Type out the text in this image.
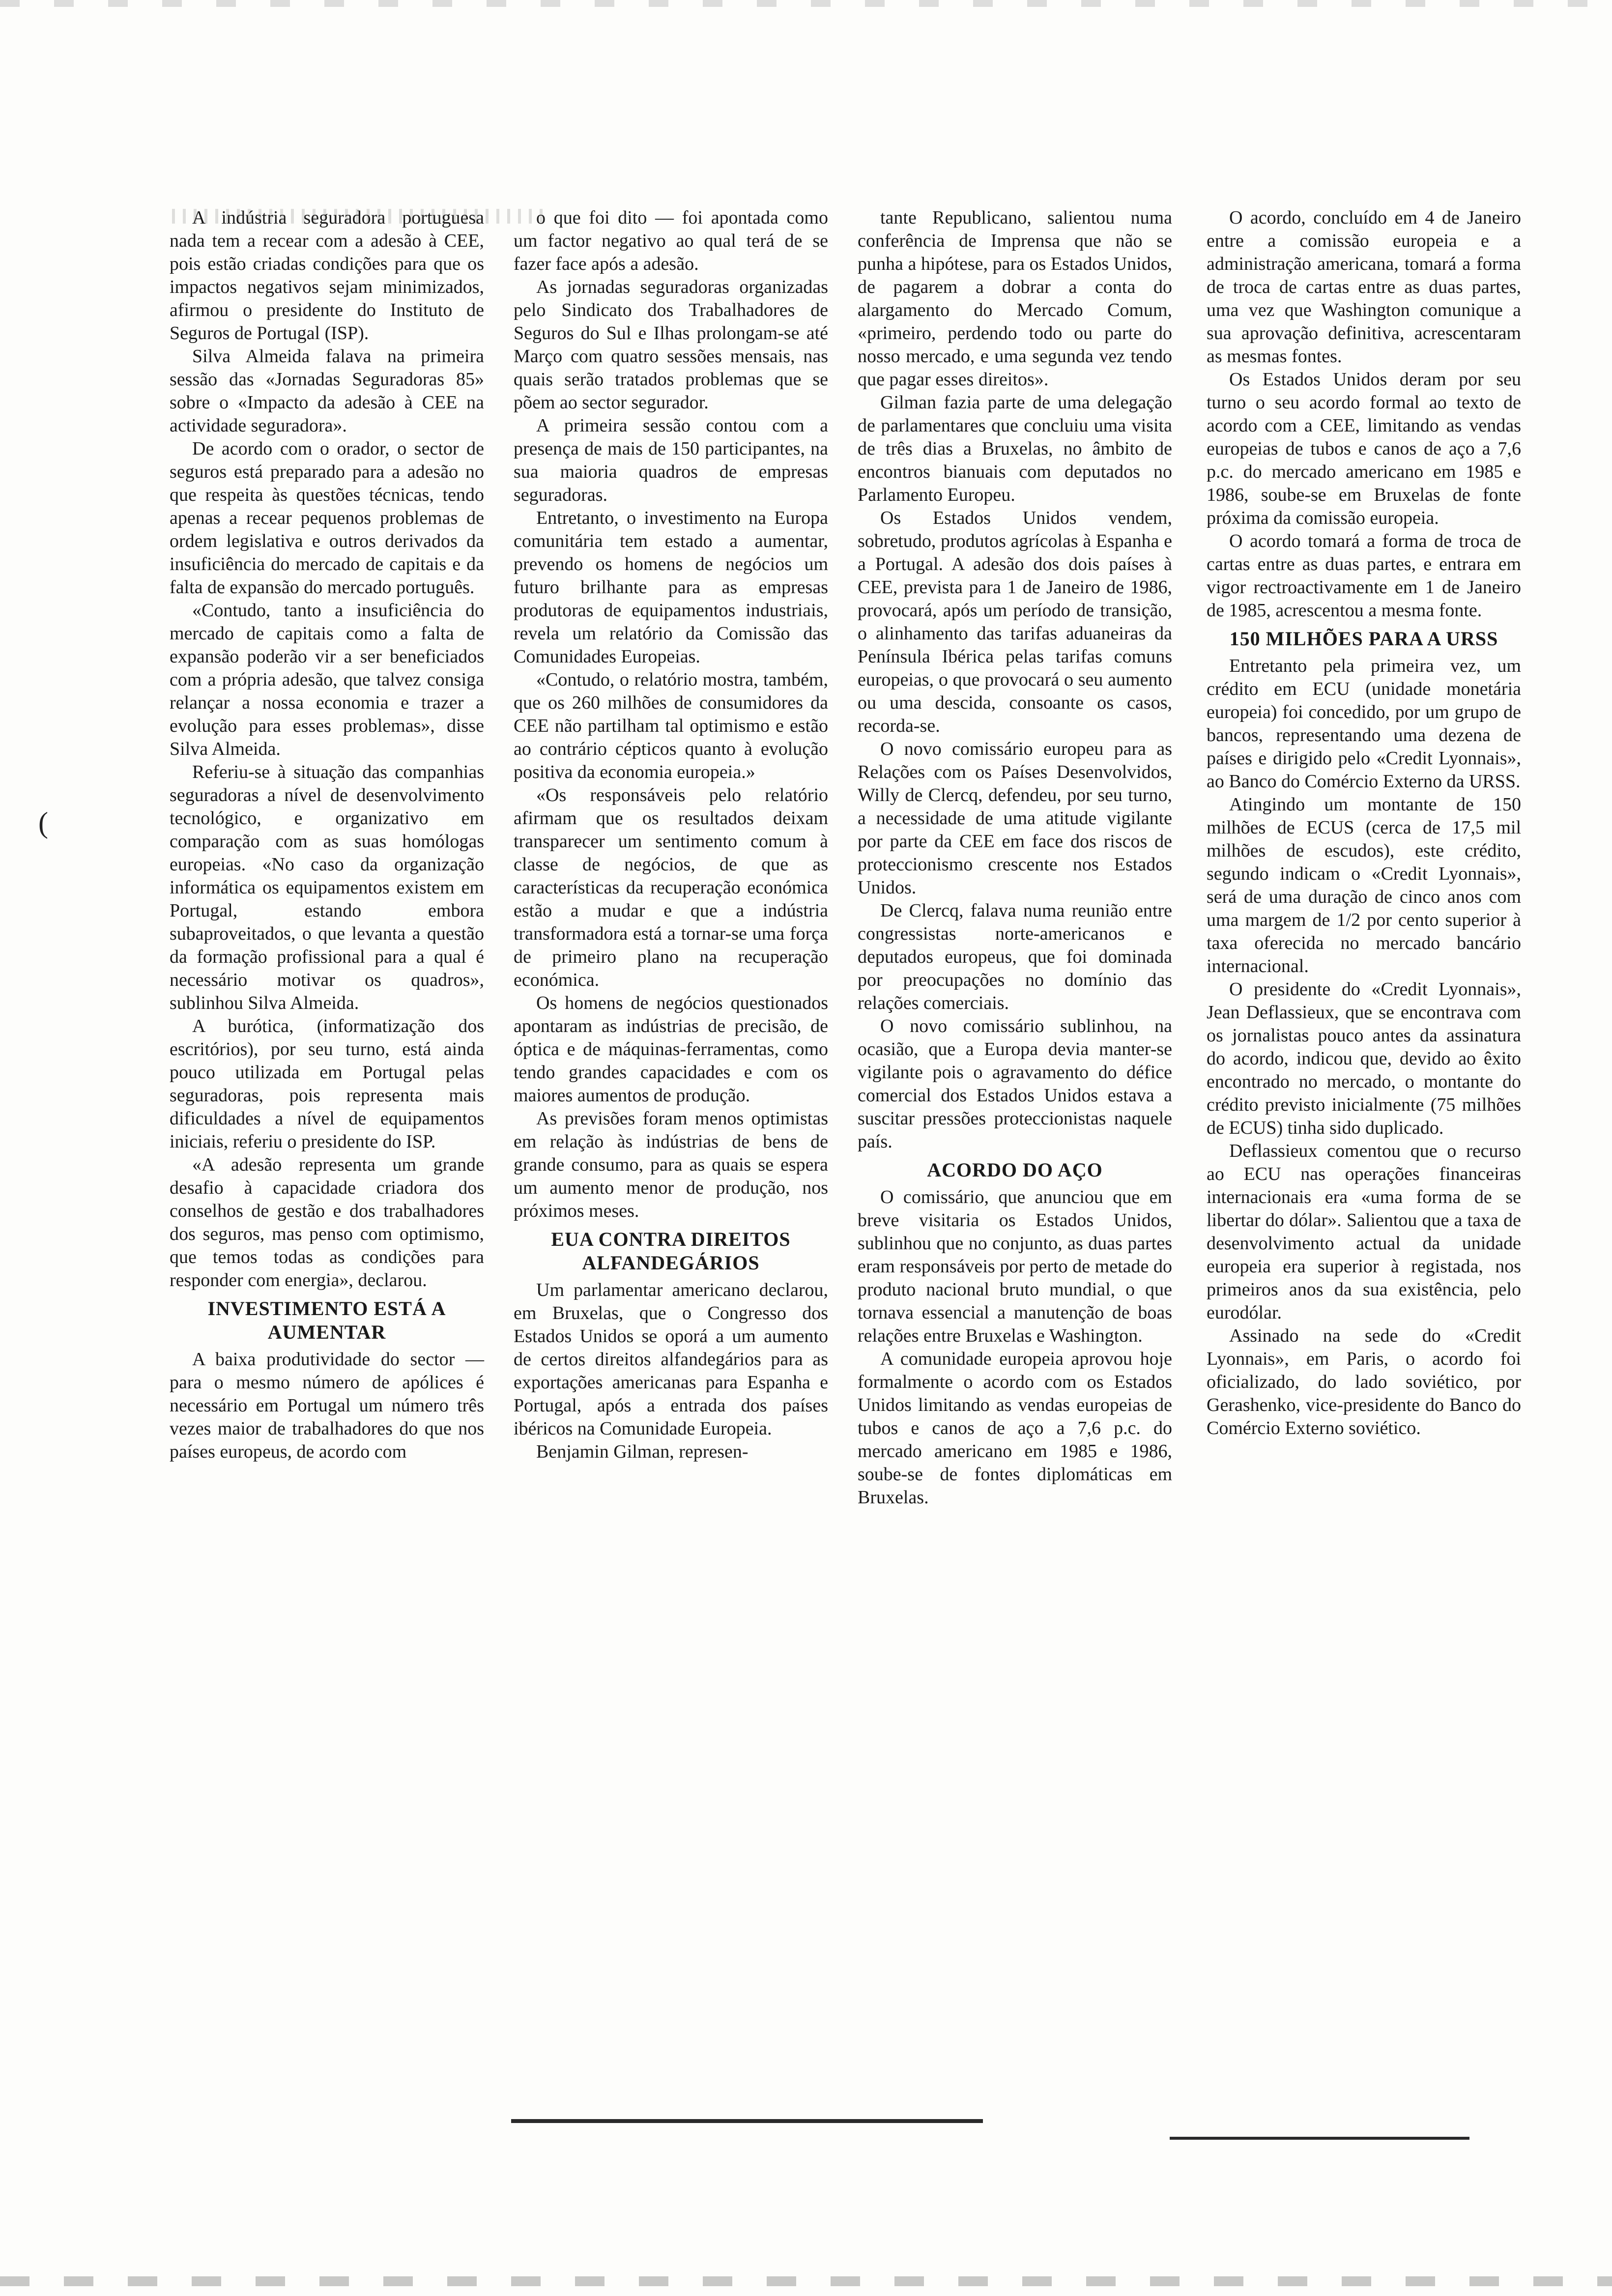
(

A indústria seguradora portuguesa nada tem a recear com a adesão à CEE, pois estão criadas condições para que os impactos negativos sejam minimizados, afirmou o presidente do Instituto de Seguros de Portugal (ISP).

Silva Almeida falava na primeira sessão das «Jornadas Seguradoras 85» sobre o «Impacto da adesão à CEE na actividade seguradora».

De acordo com o orador, o sector de seguros está preparado para a adesão no que respeita às questões técnicas, tendo apenas a recear pequenos problemas de ordem legislativa e outros derivados da insuficiência do mercado de capitais e da falta de expansão do mercado português.

«Contudo, tanto a insuficiência do mercado de capitais como a falta de expansão poderão vir a ser beneficiados com a própria adesão, que talvez consiga relançar a nossa economia e trazer a evolução para esses problemas», disse Silva Almeida.

Referiu-se à situação das companhias seguradoras a nível de desenvolvimento tecnológico, e organizativo em comparação com as suas homólogas europeias. «No caso da organização informática os equipamentos existem em Portugal, estando embora subaproveitados, o que levanta a questão da formação profissional para a qual é necessário motivar os quadros», sublinhou Silva Almeida.

A burótica, (informatização dos escritórios), por seu turno, está ainda pouco utilizada em Portugal pelas seguradoras, pois representa mais dificuldades a nível de equipamentos iniciais, referiu o presidente do ISP.

«A adesão representa um grande desafio à capacidade criadora dos conselhos de gestão e dos trabalhadores dos seguros, mas penso com optimismo, que temos todas as condições para responder com energia», declarou.

INVESTIMENTO ESTÁ A AUMENTAR

A baixa produtividade do sector — para o mesmo número de apólices é necessário em Portugal um número três vezes maior de trabalhadores do que nos países europeus, de acordo com

o que foi dito — foi apontada como um factor negativo ao qual terá de se fazer face após a adesão.

As jornadas seguradoras organizadas pelo Sindicato dos Trabalhadores de Seguros do Sul e Ilhas prolongam-se até Março com quatro sessões mensais, nas quais serão tratados problemas que se põem ao sector segurador.

A primeira sessão contou com a presença de mais de 150 participantes, na sua maioria quadros de empresas seguradoras.

Entretanto, o investimento na Europa comunitária tem estado a aumentar, prevendo os homens de negócios um futuro brilhante para as empresas produtoras de equipamentos industriais, revela um relatório da Comissão das Comunidades Europeias.

«Contudo, o relatório mostra, também, que os 260 milhões de consumidores da CEE não partilham tal optimismo e estão ao contrário cépticos quanto à evolução positiva da economia europeia.»

«Os responsáveis pelo relatório afirmam que os resultados deixam transparecer um sentimento comum à classe de negócios, de que as características da recuperação económica estão a mudar e que a indústria transformadora está a tornar-se uma força de primeiro plano na recuperação económica.

Os homens de negócios questionados apontaram as indústrias de precisão, de óptica e de máquinas-ferramentas, como tendo grandes capacidades e com os maiores aumentos de produção.

As previsões foram menos optimistas em relação às indústrias de bens de grande consumo, para as quais se espera um aumento menor de produção, nos próximos meses.

EUA CONTRA DIREITOS ALFANDEGÁRIOS

Um parlamentar americano declarou, em Bruxelas, que o Congresso dos Estados Unidos se oporá a um aumento de certos direitos alfandegários para as exportações americanas para Espanha e Portugal, após a entrada dos países ibéricos na Comunidade Europeia.

Benjamin Gilman, represen-

tante Republicano, salientou numa conferência de Imprensa que não se punha a hipótese, para os Estados Unidos, de pagarem a dobrar a conta do alargamento do Mercado Comum, «primeiro, perdendo todo ou parte do nosso mercado, e uma segunda vez tendo que pagar esses direitos».

Gilman fazia parte de uma delegação de parlamentares que concluiu uma visita de três dias a Bruxelas, no âmbito de encontros bianuais com deputados no Parlamento Europeu.

Os Estados Unidos vendem, sobretudo, produtos agrícolas à Espanha e a Portugal. A adesão dos dois países à CEE, prevista para 1 de Janeiro de 1986, provocará, após um período de transição, o alinhamento das tarifas aduaneiras da Península Ibérica pelas tarifas comuns europeias, o que provocará o seu aumento ou uma descida, consoante os casos, recorda-se.

O novo comissário europeu para as Relações com os Países Desenvolvidos, Willy de Clercq, defendeu, por seu turno, a necessidade de uma atitude vigilante por parte da CEE em face dos riscos de proteccionismo crescente nos Estados Unidos.

De Clercq, falava numa reunião entre congressistas norte-americanos e deputados europeus, que foi dominada por preocupações no domínio das relações comerciais.

O novo comissário sublinhou, na ocasião, que a Europa devia manter-se vigilante pois o agravamento do défice comercial dos Estados Unidos estava a suscitar pressões proteccionistas naquele país.

ACORDO DO AÇO

O comissário, que anunciou que em breve visitaria os Estados Unidos, sublinhou que no conjunto, as duas partes eram responsáveis por perto de metade do produto nacional bruto mundial, o que tornava essencial a manutenção de boas relações entre Bruxelas e Washington.

A comunidade europeia aprovou hoje formalmente o acordo com os Estados Unidos limitando as vendas europeias de tubos e canos de aço a 7,6 p.c. do mercado americano em 1985 e 1986, soube-se de fontes diplomáticas em Bruxelas.

O acordo, concluído em 4 de Janeiro entre a comissão europeia e a administração americana, tomará a forma de troca de cartas entre as duas partes, uma vez que Washington comunique a sua aprovação definitiva, acrescentaram as mesmas fontes.

Os Estados Unidos deram por seu turno o seu acordo formal ao texto de acordo com a CEE, limitando as vendas europeias de tubos e canos de aço a 7,6 p.c. do mercado americano em 1985 e 1986, soube-se em Bruxelas de fonte próxima da comissão europeia.

O acordo tomará a forma de troca de cartas entre as duas partes, e entrara em vigor rectroactivamente em 1 de Janeiro de 1985, acrescentou a mesma fonte.

150 MILHÕES PARA A URSS

Entretanto pela primeira vez, um crédito em ECU (unidade monetária europeia) foi concedido, por um grupo de bancos, representando uma dezena de países e dirigido pelo «Credit Lyonnais», ao Banco do Comércio Externo da URSS.

Atingindo um montante de 150 milhões de ECUS (cerca de 17,5 mil milhões de escudos), este crédito, segundo indicam o «Credit Lyonnais», será de uma duração de cinco anos com uma margem de 1/2 por cento superior à taxa oferecida no mercado bancário internacional.

O presidente do «Credit Lyonnais», Jean Deflassieux, que se encontrava com os jornalistas pouco antes da assinatura do acordo, indicou que, devido ao êxito encontrado no mercado, o montante do crédito previsto inicialmente (75 milhões de ECUS) tinha sido duplicado.

Deflassieux comentou que o recurso ao ECU nas operações financeiras internacionais era «uma forma de se libertar do dólar». Salientou que a taxa de desenvolvimento actual da unidade europeia era superior à registada, nos primeiros anos da sua existência, pelo eurodólar.

Assinado na sede do «Credit Lyonnais», em Paris, o acordo foi oficializado, do lado soviético, por Gerashenko, vice-presidente do Banco do Comércio Externo soviético.
